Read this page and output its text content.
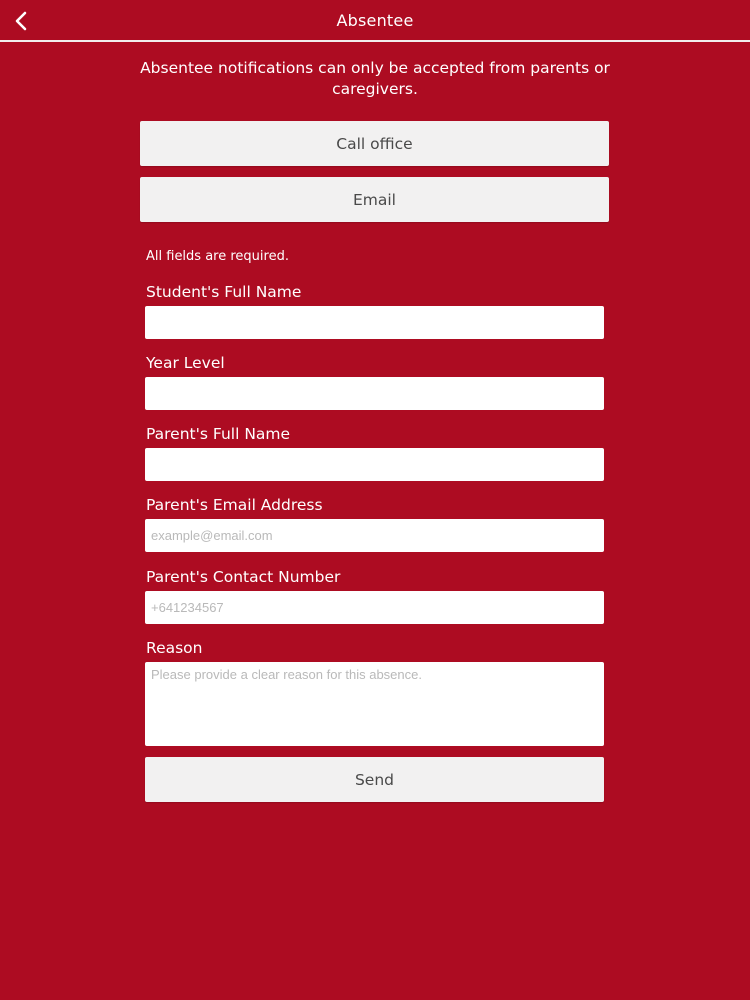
Absentee

Absentee notifications can only be accepted from parents or caregivers.

Call office
Email
All fields are required.
Student's Full Name
Year Level
Parent's Full Name
Parent's Email Address
example@email.com
Parent's Contact Number
+641234567
Reason
Please provide a clear reason for this absence.
Send
